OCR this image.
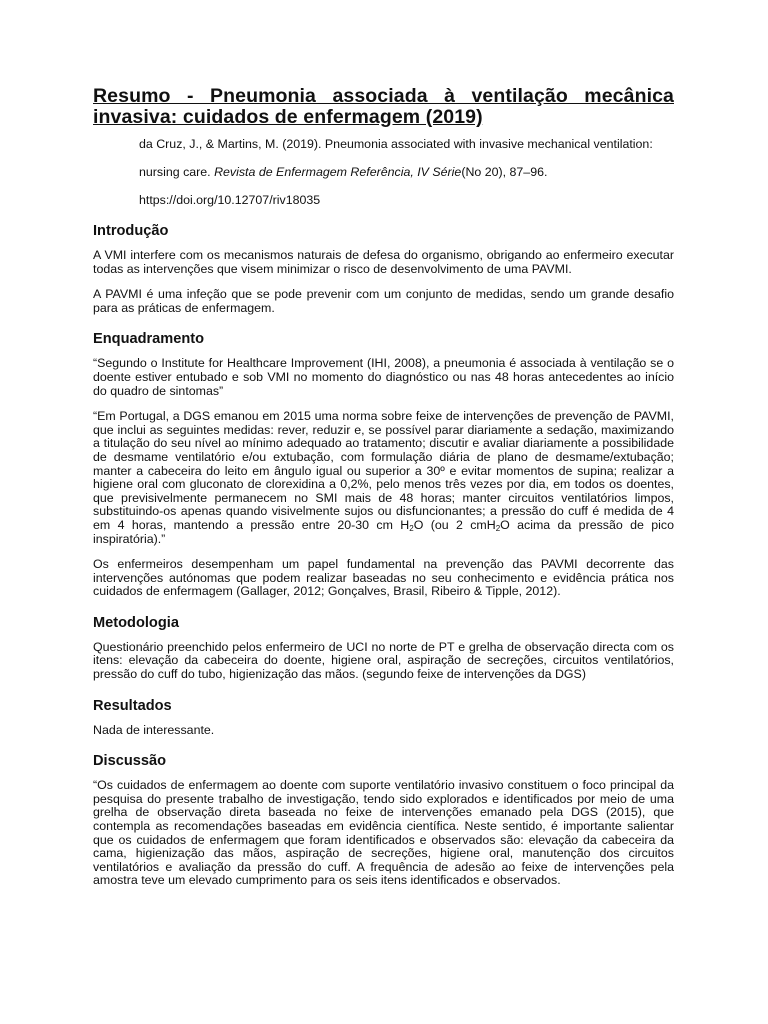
Resumo - Pneumonia associada à ventilação mecânica invasiva: cuidados de enfermagem (2019)

da Cruz, J., & Martins, M. (2019). Pneumonia associated with invasive mechanical ventilation:

nursing care. Revista de Enfermagem Referência, IV Série(No 20), 87–96.

https://doi.org/10.12707/riv18035

Introdução

A VMI interfere com os mecanismos naturais de defesa do organismo, obrigando ao enfermeiro executar todas as intervenções que visem minimizar o risco de desenvolvimento de uma PAVMI.

A PAVMI é uma infeção que se pode prevenir com um conjunto de medidas, sendo um grande desafio para as práticas de enfermagem.

Enquadramento

“Segundo o Institute for Healthcare Improvement (IHI, 2008), a pneumonia é associada à ventilação se o doente estiver entubado e sob VMI no momento do diagnóstico ou nas 48 horas antecedentes ao início do quadro de sintomas”

“Em Portugal, a DGS emanou em 2015 uma norma sobre feixe de intervenções de prevenção de PAVMI, que inclui as seguintes medidas: rever, reduzir e, se possível parar diariamente a sedação, maximizando a titulação do seu nível ao mínimo adequado ao tratamento; discutir e avaliar diariamente a possibilidade de desmame ventilatório e/ou extubação, com formulação diária de plano de desmame/extubação; manter a cabeceira do leito em ângulo igual ou superior a 30º e evitar momentos de supina; realizar a higiene oral com gluconato de clorexidina a 0,2%, pelo menos três vezes por dia, em todos os doentes, que previsivelmente permanecem no SMI mais de 48 horas; manter circuitos ventilatórios limpos, substituindo-os apenas quando visivelmente sujos ou disfuncionantes; a pressão do cuff é medida de 4 em 4 horas, mantendo a pressão entre 20-30 cm $H_2O$ (ou 2 cmH$_2$O acima da pressão de pico inspiratória).”

Os enfermeiros desempenham um papel fundamental na prevenção das PAVMI decorrente das intervenções autónomas que podem realizar baseadas no seu conhecimento e evidência prática nos cuidados de enfermagem (Gallager, 2012; Gonçalves, Brasil, Ribeiro & Tipple, 2012).

Metodologia

Questionário preenchido pelos enfermeiro de UCI no norte de PT e grelha de observação directa com os itens: elevação da cabeceira do doente, higiene oral, aspiração de secreções, circuitos ventilatórios, pressão do cuff do tubo, higienização das mãos. (segundo feixe de intervenções da DGS)

Resultados

Nada de interessante.

Discussão

“Os cuidados de enfermagem ao doente com suporte ventilatório invasivo constituem o foco principal da pesquisa do presente trabalho de investigação, tendo sido explorados e identificados por meio de uma grelha de observação direta baseada no feixe de intervenções emanado pela DGS (2015), que contempla as recomendações baseadas em evidência científica. Neste sentido, é importante salientar que os cuidados de enfermagem que foram identificados e observados são: elevação da cabeceira da cama, higienização das mãos, aspiração de secreções, higiene oral, manutenção dos circuitos ventilatórios e avaliação da pressão do cuff. A frequência de adesão ao feixe de intervenções pela amostra teve um elevado cumprimento para os seis itens identificados e observados.
